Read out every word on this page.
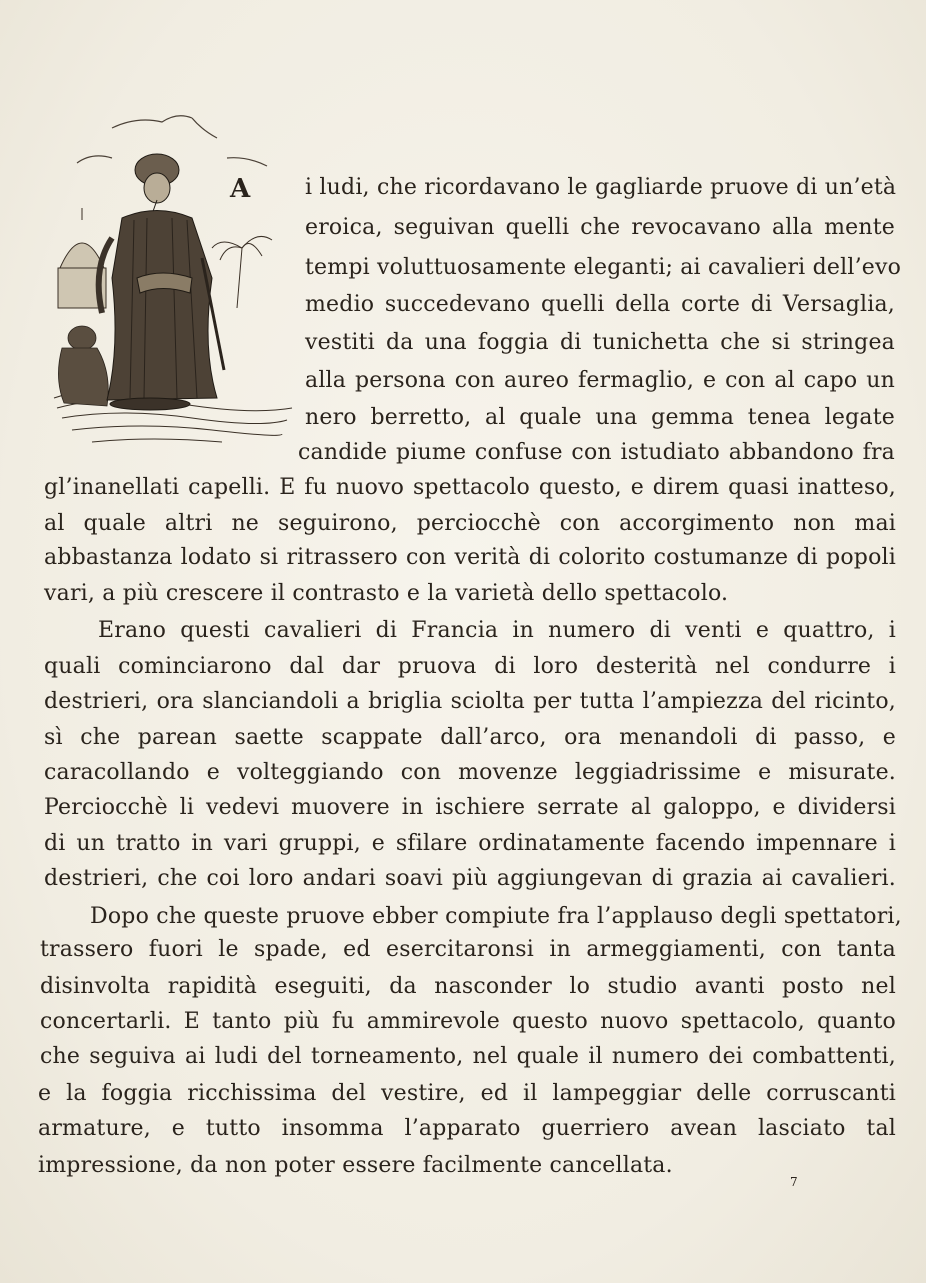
A i ludi, che ricordavano le gagliarde pruove di un’età
eroica, seguivan quelli che revocavano alla mente
tempi voluttuosamente eleganti; ai cavalieri dell’evo
medio succedevano quelli della corte di Versaglia,
vestiti da una foggia di tunichetta che si stringea
alla persona con aureo fermaglio, e con al capo un
nero berretto, al quale una gemma tenea legate
candide piume confuse con istudiato abbandono fra
gl’inanellati capelli. E fu nuovo spettacolo questo, e direm quasi inatteso,
al quale altri ne seguirono, perciocchè con accorgimento non mai
abbastanza lodato si ritrassero con verità di colorito costumanze di popoli
vari, a più crescere il contrasto e la varietà dello spettacolo.
Erano questi cavalieri di Francia in numero di venti e quattro, i
quali cominciarono dal dar pruova di loro desterità nel condurre i
destrieri, ora slanciandoli a briglia sciolta per tutta l’ampiezza del ricinto,
sì che parean saette scappate dall’arco, ora menandoli di passo, e
caracollando e volteggiando con movenze leggiadrissime e misurate.
Perciocchè li vedevi muovere in ischiere serrate al galoppo, e dividersi
di un tratto in vari gruppi, e sfilare ordinatamente facendo impennare i
destrieri, che coi loro andari soavi più aggiungevan di grazia ai cavalieri.
Dopo che queste pruove ebber compiute fra l’applauso degli spettatori,
trassero fuori le spade, ed esercitaronsi in armeggiamenti, con tanta
disinvolta rapidità eseguiti, da nasconder lo studio avanti posto nel
concertarli. E tanto più fu ammirevole questo nuovo spettacolo, quanto
che seguiva ai ludi del torneamento, nel quale il numero dei combattenti,
e la foggia ricchissima del vestire, ed il lampeggiar delle corruscanti
armature, e tutto insomma l’apparato guerriero avean lasciato tal
impressione, da non poter essere facilmente cancellata.
7
